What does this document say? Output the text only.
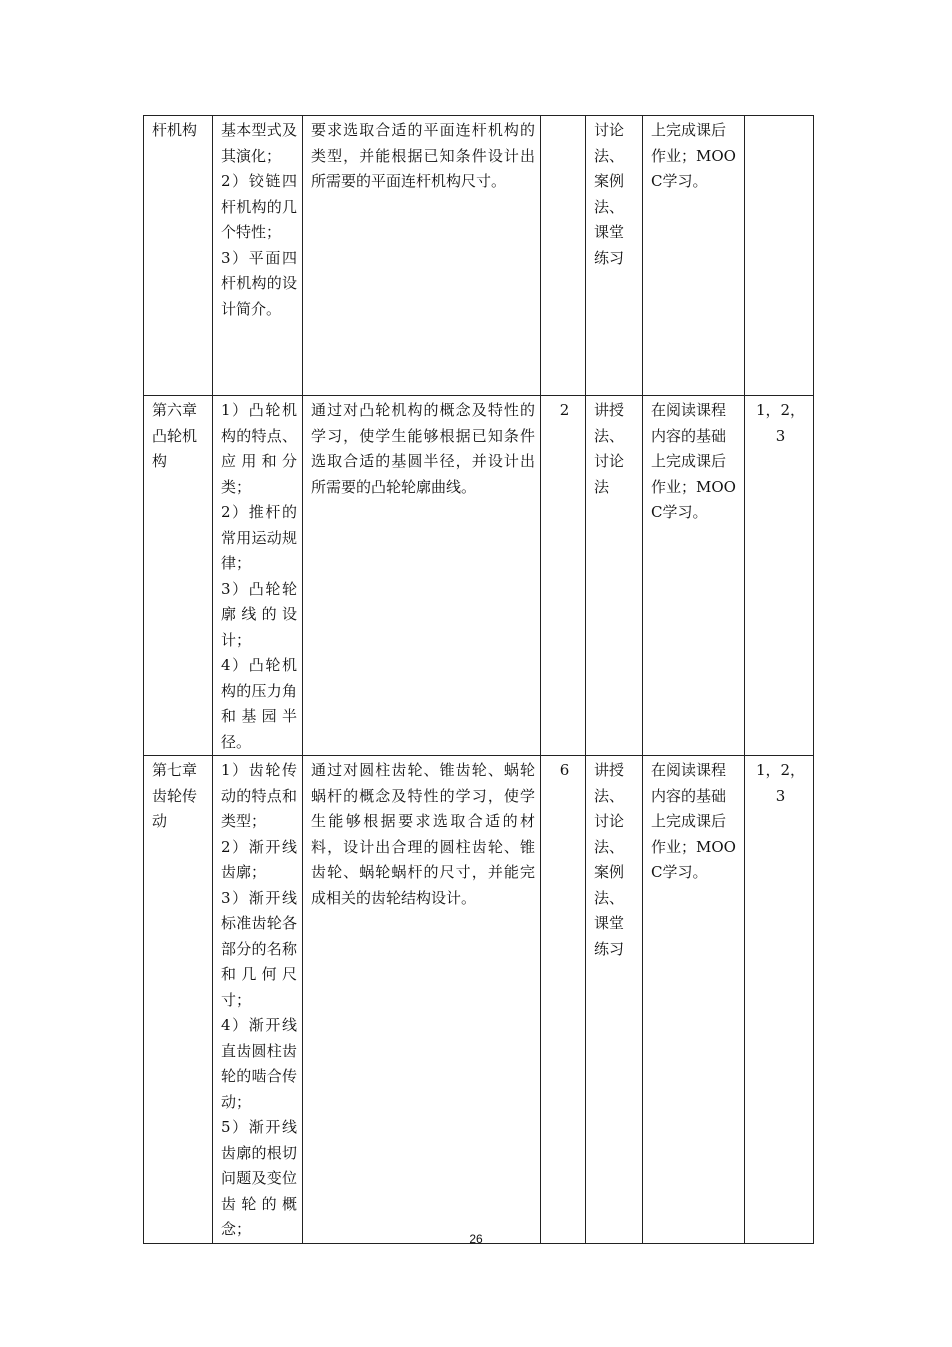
杆机构	基本型式及其演化；
2）铰链四杆机构的几个特性；
3）平面四杆机构的设计简介。	要求选取合适的平面连杆机构的类型，并能根据已知条件设计出所需要的平面连杆机构尺寸。		讨论法、案例法、课堂练习	上完成课后作业；MOOC学习。	
第六章凸轮机构	1）凸轮机构的特点、应用和分类；
2）推杆的常用运动规律；
3）凸轮轮廓线的设计；
4）凸轮机构的压力角和基园半径。	通过对凸轮机构的概念及特性的学习，使学生能够根据已知条件选取合适的基圆半径，并设计出所需要的凸轮轮廓曲线。	2	讲授法、讨论法	在阅读课程内容的基础上完成课后作业；MOOC学习。	1，2，3
第七章齿轮传动	1）齿轮传动的特点和类型；
2）渐开线齿廓；
3）渐开线标准齿轮各部分的名称和几何尺寸；
4）渐开线直齿圆柱齿轮的啮合传动；
5）渐开线齿廓的根切问题及变位齿轮的概念；	通过对圆柱齿轮、锥齿轮、蜗轮蜗杆的概念及特性的学习，使学生能够根据要求选取合适的材料，设计出合理的圆柱齿轮、锥齿轮、蜗轮蜗杆的尺寸，并能完成相关的齿轮结构设计。	6	讲授法、讨论法、案例法、课堂练习	在阅读课程内容的基础上完成课后作业；MOOC学习。	1，2，3
26
